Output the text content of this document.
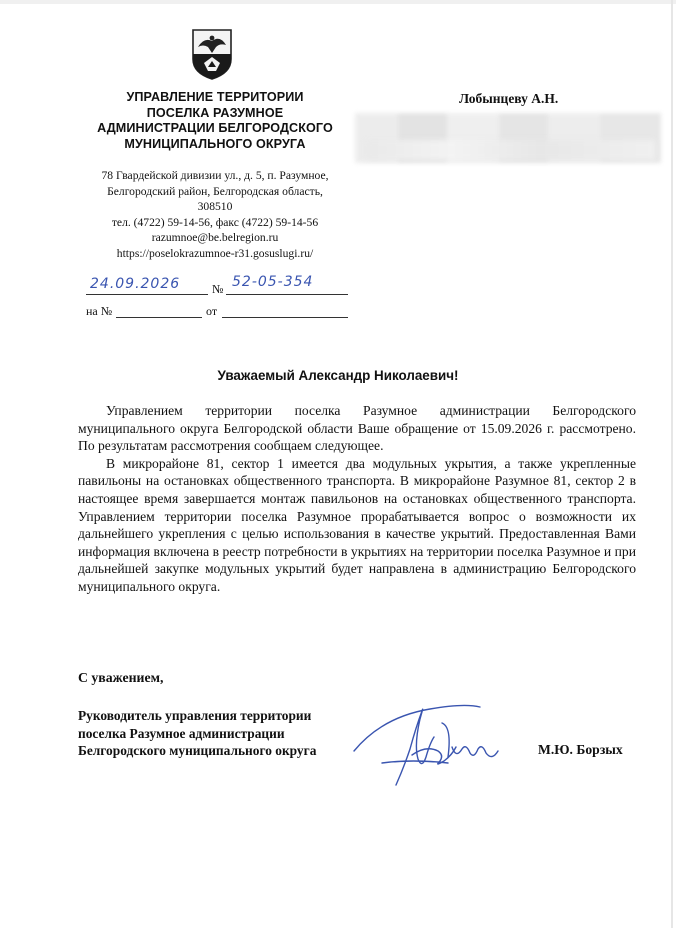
УПРАВЛЕНИЕ ТЕРРИТОРИИ
ПОСЕЛКА РАЗУМНОЕ
АДМИНИСТРАЦИИ БЕЛГОРОДСКОГО
МУНИЦИПАЛЬНОГО ОКРУГА
78 Гвардейской дивизии ул., д. 5, п. Разумное,
Белгородский район, Белгородская область,
308510
тел. (4722) 59-14-56, факс (4722) 59-14-56
razumnoe@be.belregion.ru
https://poselokrazumnoe-r31.gosuslugi.ru/
Лобынцеву А.Н.
24.09.2026	№ 52-05-354
на №	от
Уважаемый Александр Николаевич!

Управлением территории поселка Разумное администрации Белгородского муниципального округа Белгородской области Ваше обращение от 15.09.2026 г. рассмотрено. По результатам рассмотрения сообщаем следующее.

В микрорайоне 81, сектор 1 имеется два модульных укрытия, а также укрепленные павильоны на остановках общественного транспорта. В микрорайоне Разумное 81, сектор 2 в настоящее время завершается монтаж павильонов на остановках общественного транспорта. Управлением территории поселка Разумное прорабатывается вопрос о возможности их дальнейшего укрепления с целью использования в качестве укрытий. Предоставленная Вами информация включена в реестр потребности в укрытиях на территории поселка Разумное и при дальнейшей закупке модульных укрытий будет направлена в администрацию Белгородского муниципального округа.

С уважением,
Руководитель управления территории
поселка Разумное администрации
Белгородского муниципального округа	М.Ю. Борзых
